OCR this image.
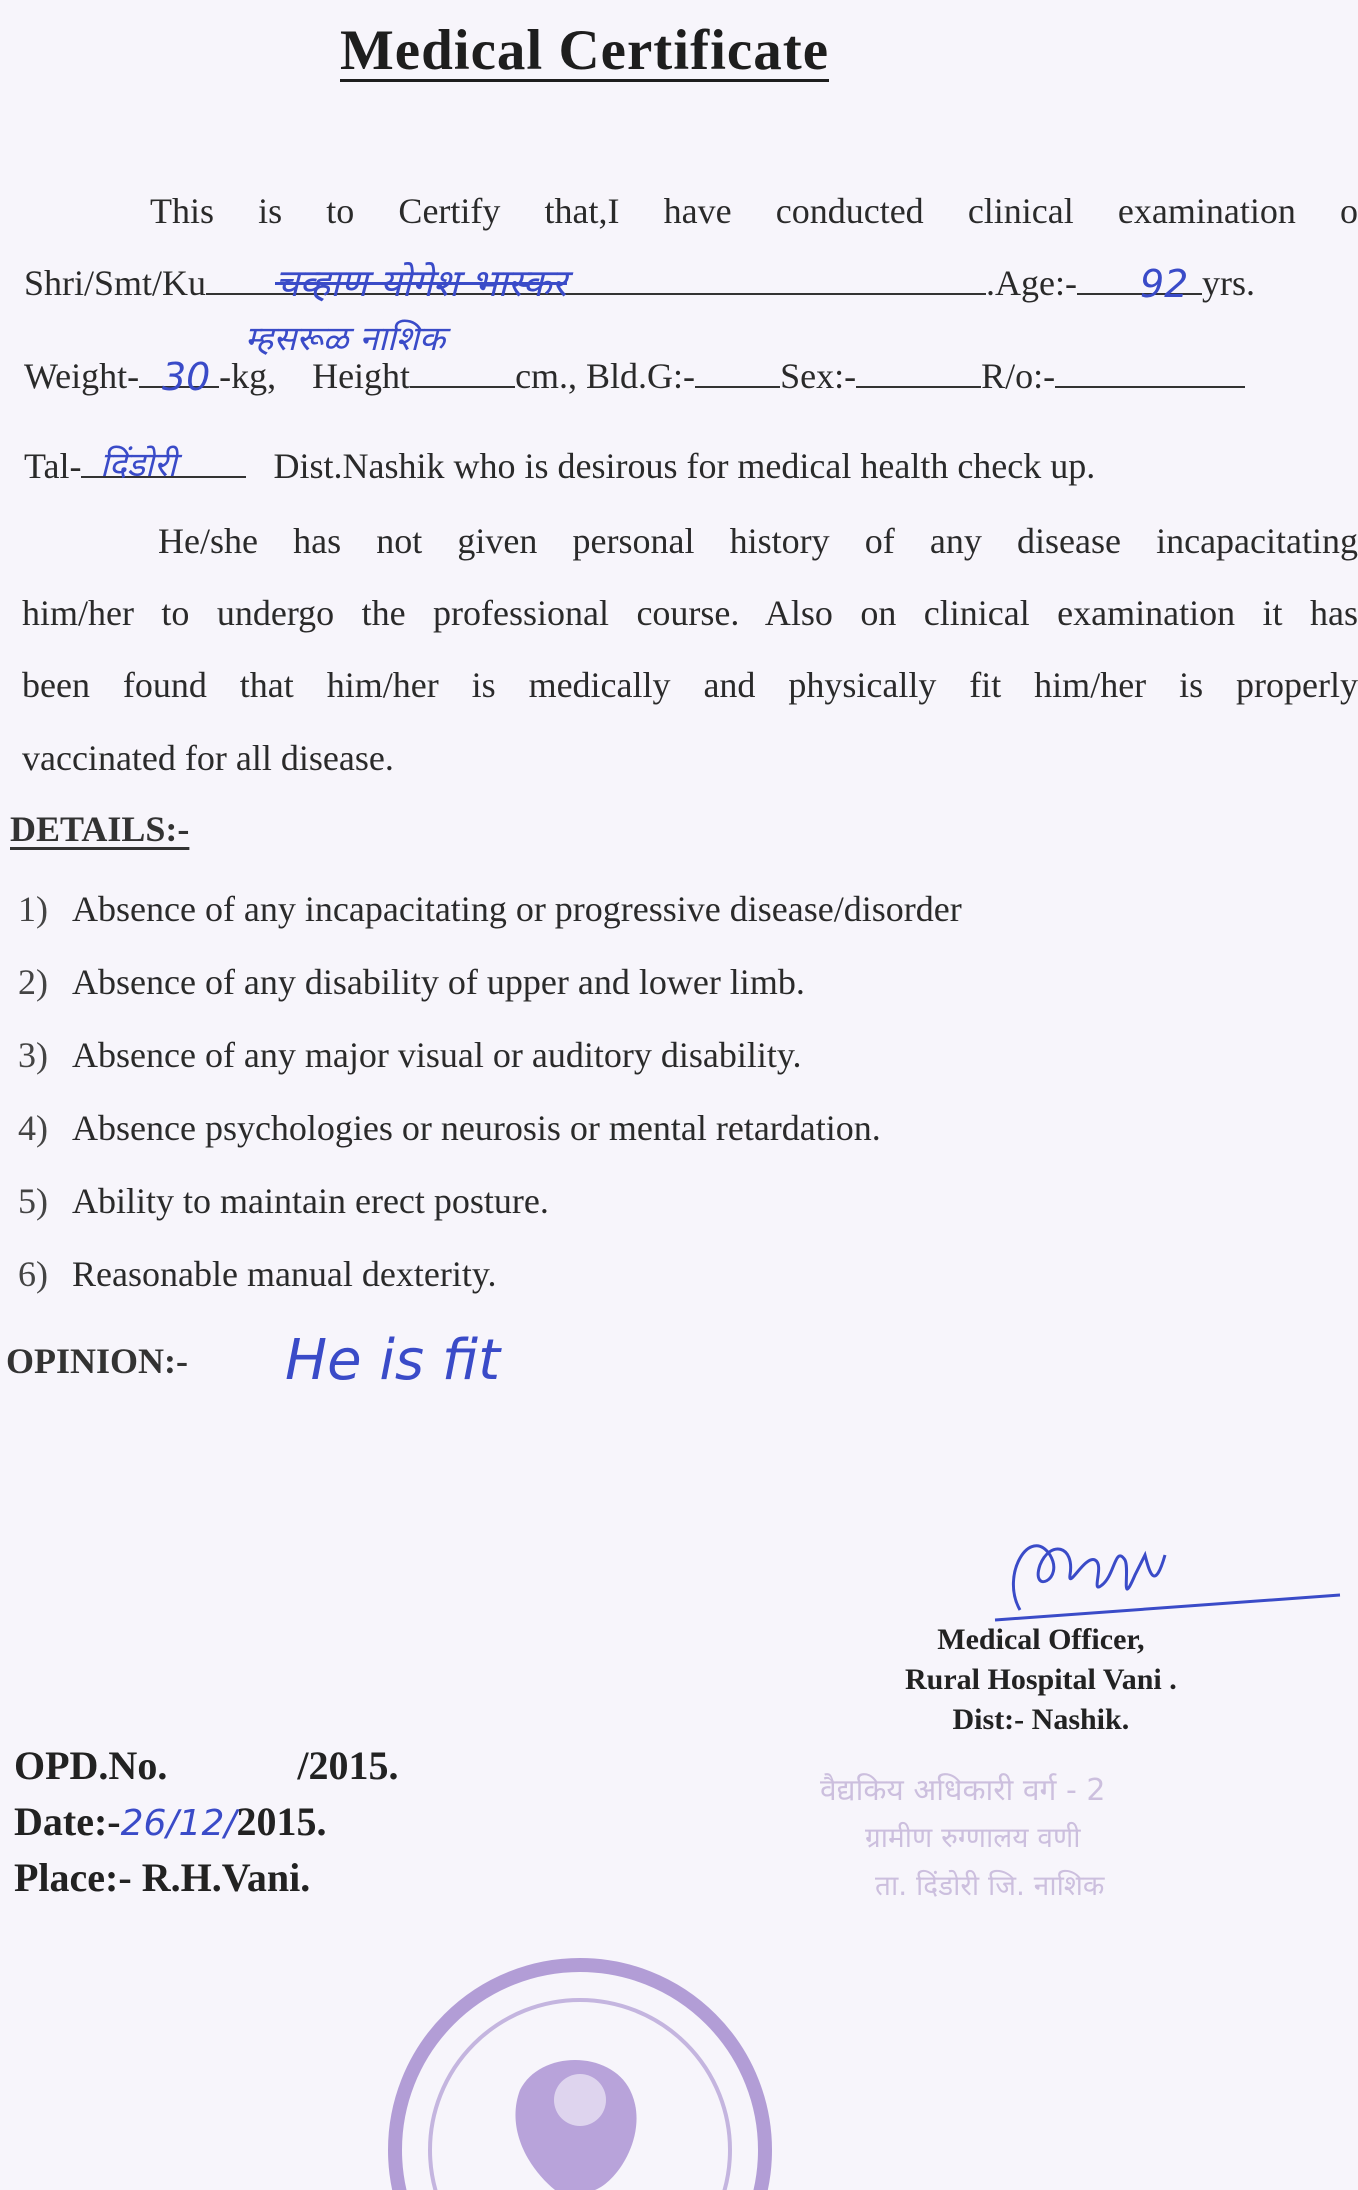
Medical Certificate
This is to Certify that,I have conducted clinical examination o
Shri/Smt/Ku	.Age:-	yrs.
चव्हाण योगेश भास्कर	92
म्हसरूळ नाशिक
Weight- -kg, Height	cm., Bld.G:- Sex:-	R/o:-
30
Tal-	Dist.Nashik who is desirous for medical health check up.
दिंडोरी
He/she has not given personal history of any disease incapacitating
him/her to undergo the professional course. Also on clinical examination it has
been found that him/her is medically and physically fit him/her is properly
vaccinated for all disease.
DETAILS:-
1) Absence of any incapacitating or progressive disease/disorder
2) Absence of any disability of upper and lower limb.
3) Absence of any major visual or auditory disability.
4) Absence psychologies or neurosis or mental retardation.
5) Ability to maintain erect posture.
6) Reasonable manual dexterity.
OPINION:- He is fit
Medical Officer,
Rural Hospital Vani .
Dist:- Nashik.
वैद्यकिय अधिकारी वर्ग - 2
ग्रामीण रुग्णालय वणी
ता. दिंडोरी जि. नाशिक
OPD.No.	/2015.
Date:-26/12/2015.
Place:- R.H.Vani.
